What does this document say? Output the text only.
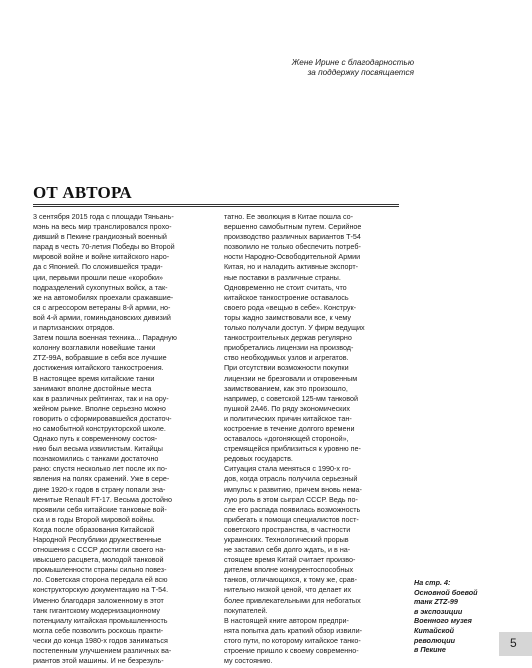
Жене Ирине с благодарностью
за поддержку посвящается
ОТ АВТОРА
3 сентября 2015 года с площади Тяньань-
мэнь на весь мир транслировался прохо-
дивший в Пекине грандиозный военный
парад в честь 70-летия Победы во Второй
мировой войне и войне китайского наро-
да с Японией. По сложившейся тради-
ции, первыми прошли пеше «коробки»
подразделений сухопутных войск, а так-
же на автомобилях проехали сражавшие-
ся с агрессором ветераны 8-й армии, но-
вой 4-й армии, гоминьдановских дивизий
и партизанских отрядов.
Затем пошла военная техника... Парадную
колонну возглавили новейшие танки
ZTZ-99А, вобравшие в себя все лучшие
достижения китайского танкостроения.
В настоящее время китайские танки
занимают вполне достойные места
как в различных рейтингах, так и на ору-
жейном рынке. Вполне серьезно можно
говорить о сформировавшейся достаточ-
но самобытной конструкторской школе.
Однако путь к современному состоя-
нию был весьма извилистым. Китайцы
познакомились с танками достаточно
рано: спустя несколько лет после их по-
явления на полях сражений. Уже в сере-
дине 1920-х годов в страну попали зна-
менитые Renault FT-17. Весьма достойно
проявили себя китайские танковые вой-
ска и в годы Второй мировой войны.
Когда после образования Китайской
Народной Республики дружественные
отношения с СССР достигли своего на-
ивысшего расцвета, молодой танковой
промышленности страны сильно повез-
ло. Советская сторона передала ей всю
конструкторскую документацию на Т-54.
Именно благодаря заложенному в этот
танк гигантскому модернизационному
потенциалу китайская промышленность
могла себе позволить роскошь практи-
чески до конца 1980-х годов заниматься
постепенным улучшением различных ва-
риантов этой машины. И не безрезуль-
татно. Ее эволюция в Китае пошла со-
вершенно самобытным путем. Серийное
производство различных вариантов Т-54
позволило не только обеспечить потреб-
ности Народно-Освободительной Армии
Китая, но и наладить активные экспорт-
ные поставки в различные страны.
Одновременно не стоит считать, что
китайское танкостроение оставалось
своего рода «вещью в себе». Конструк-
торы жадно заимствовали все, к чему
только получали доступ. У фирм ведущих
танкостроительных держав регулярно
приобретались лицензии на производ-
ство необходимых узлов и агрегатов.
При отсутствии возможности покупки
лицензии не брезговали и откровенным
заимствованием, как это произошло,
например, с советской 125-мм танковой
пушкой 2А46. По ряду экономических
и политических причин китайское тан-
костроение в течение долгого времени
оставалось «догоняющей стороной»,
стремящейся приблизиться к уровню пе-
редовых государств.
Ситуация стала меняться с 1990-х го-
дов, когда отрасль получила серьезный
импульс к развитию, причем вновь нема-
лую роль в этом сыграл СССР. Ведь по-
сле его распада появилась возможность
прибегать к помощи специалистов пост-
советского пространства, в частности
украинских. Технологический прорыв
не заставил себя долго ждать, и в на-
стоящее время Китай считает произво-
дителем вполне конкурентоспособных
танков, отличающихся, к тому же, срав-
нительно низкой ценой, что делает их
более привлекательными для небогатых
покупателей.
В настоящей книге автором предпри-
нята попытка дать краткий обзор извили-
стого пути, по которому китайское танко-
строение пришло к своему современно-
му состоянию.
На стр. 4:
Основной боевой
танк ZTZ-99
в экспозиции
Военного музея
Китайской
революции
в Пекине	5
